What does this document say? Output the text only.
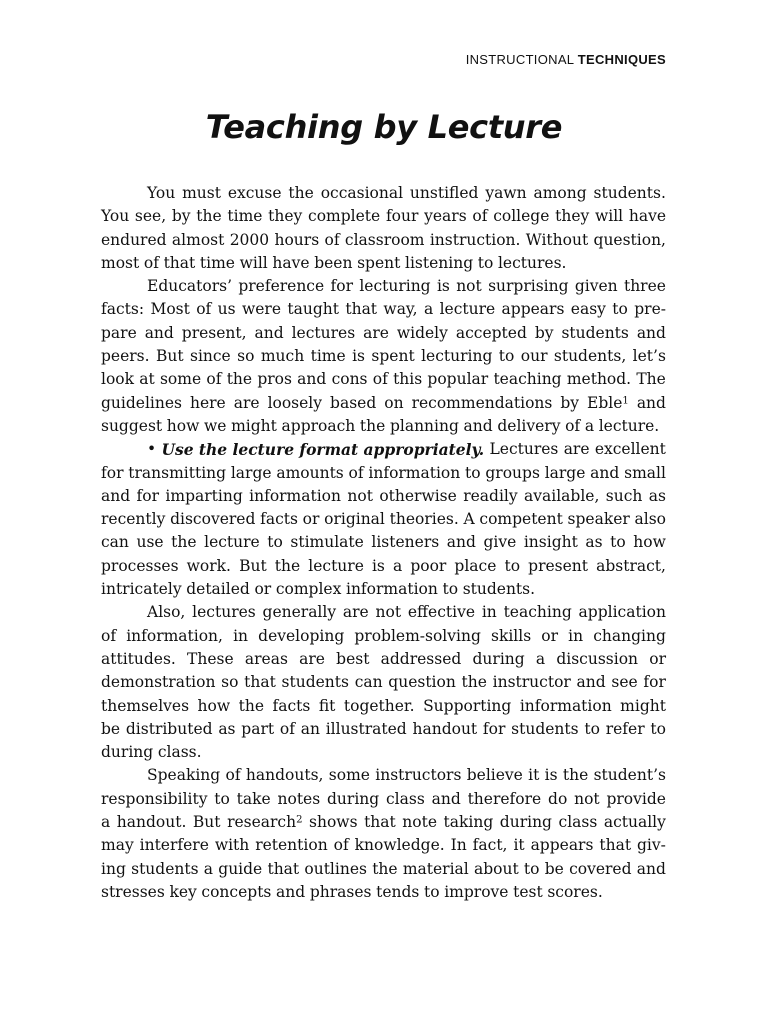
INSTRUCTIONAL TECHNIQUES
Teaching by Lecture
You must excuse the occasional unstifled yawn among students.
You see, by the time they complete four years of college they will have
endured almost 2000 hours of classroom instruction. Without question,
most of that time will have been spent listening to lectures.
Educators’ preference for lecturing is not surprising given three
facts: Most of us were taught that way, a lecture appears easy to pre-
pare and present, and lectures are widely accepted by students and
peers. But since so much time is spent lecturing to our students, let’s
look at some of the pros and cons of this popular teaching method. The
guidelines here are loosely based on recommendations by Eble$^1$ and
suggest how we might approach the planning and delivery of a lecture.
• Use the lecture format appropriately. Lectures are excellent
for transmitting large amounts of information to groups large and small
and for imparting information not otherwise readily available, such as
recently discovered facts or original theories. A competent speaker also
can use the lecture to stimulate listeners and give insight as to how
processes work. But the lecture is a poor place to present abstract,
intricately detailed or complex information to students.
Also, lectures generally are not effective in teaching application
of information, in developing problem-solving skills or in changing
attitudes. These areas are best addressed during a discussion or
demonstration so that students can question the instructor and see for
themselves how the facts fit together. Supporting information might
be distributed as part of an illustrated handout for students to refer to
during class.
Speaking of handouts, some instructors believe it is the student’s
responsibility to take notes during class and therefore do not provide
a handout. But research$^2$ shows that note taking during class actually
may interfere with retention of knowledge. In fact, it appears that giv-
ing students a guide that outlines the material about to be covered and
stresses key concepts and phrases tends to improve test scores.
